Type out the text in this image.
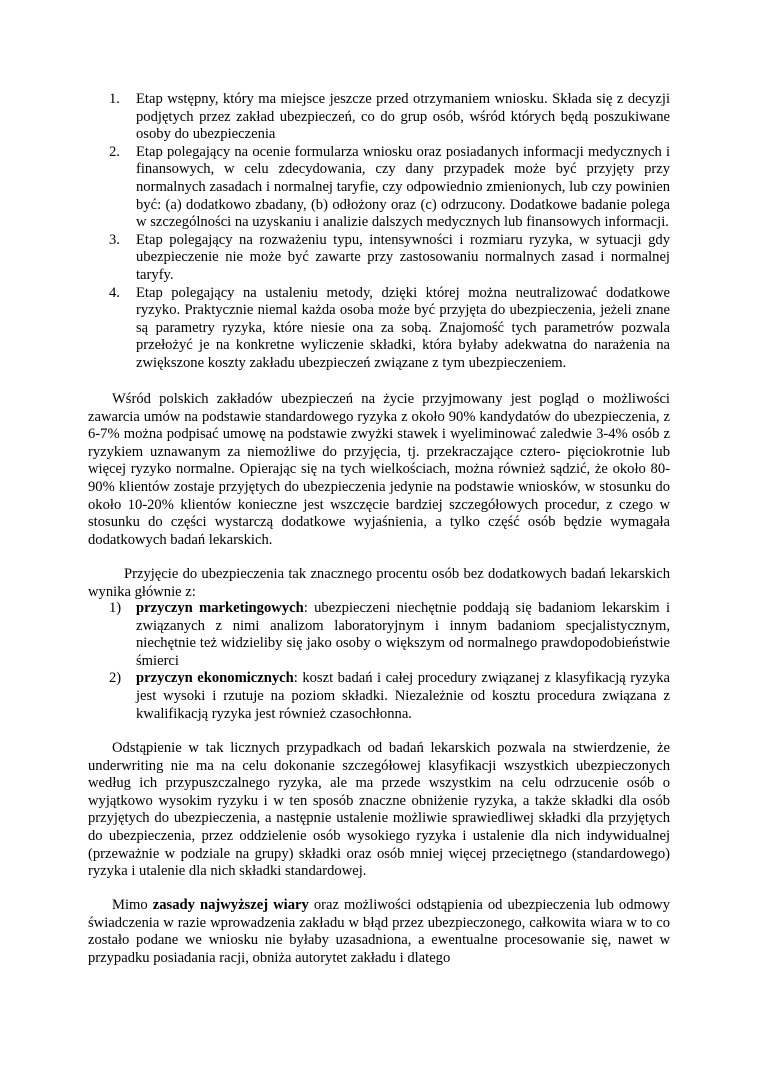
1. Etap wstępny, który ma miejsce jeszcze przed otrzymaniem wniosku. Składa się z decyzji podjętych przez zakład ubezpieczeń, co do grup osób, wśród których będą poszukiwane osoby do ubezpieczenia
2. Etap polegający na ocenie formularza wniosku oraz posiadanych informacji medycznych i finansowych, w celu zdecydowania, czy dany przypadek może być przyjęty przy normalnych zasadach i normalnej taryfie, czy odpowiednio zmienionych, lub czy powinien być: (a) dodatkowo zbadany, (b) odłożony oraz (c) odrzucony. Dodatkowe badanie polega w szczególności na uzyskaniu i analizie dalszych medycznych lub finansowych informacji.
3. Etap polegający na rozważeniu typu, intensywności i rozmiaru ryzyka, w sytuacji gdy ubezpieczenie nie może być zawarte przy zastosowaniu normalnych zasad i normalnej taryfy.
4. Etap polegający na ustaleniu metody, dzięki której można neutralizować dodatkowe ryzyko. Praktycznie niemal każda osoba może być przyjęta do ubezpieczenia, jeżeli znane są parametry ryzyka, które niesie ona za sobą. Znajomość tych parametrów pozwala przełożyć je na konkretne wyliczenie składki, która byłaby adekwatna do narażenia na zwiększone koszty zakładu ubezpieczeń związane z tym ubezpieczeniem.

Wśród polskich zakładów ubezpieczeń na życie przyjmowany jest pogląd o możliwości zawarcia umów na podstawie standardowego ryzyka z około 90% kandydatów do ubezpieczenia, z 6-7% można podpisać umowę na podstawie zwyżki stawek i wyeliminować zaledwie 3-4% osób z ryzykiem uznawanym za niemożliwe do przyjęcia, tj. przekraczające cztero- pięciokrotnie lub więcej ryzyko normalne. Opierając się na tych wielkościach, można również sądzić, że około 80-90% klientów zostaje przyjętych do ubezpieczenia jedynie na podstawie wniosków, w stosunku do około 10-20% klientów konieczne jest wszczęcie bardziej szczegółowych procedur, z czego w stosunku do części wystarczą dodatkowe wyjaśnienia, a tylko część osób będzie wymagała dodatkowych badań lekarskich.

Przyjęcie do ubezpieczenia tak znacznego procentu osób bez dodatkowych badań lekarskich wynika głównie z:

1) przyczyn marketingowych: ubezpieczeni niechętnie poddają się badaniom lekarskim i związanych z nimi analizom laboratoryjnym i innym badaniom specjalistycznym, niechętnie też widzieliby się jako osoby o większym od normalnego prawdopodobieństwie śmierci
2) przyczyn ekonomicznych: koszt badań i całej procedury związanej z klasyfikacją ryzyka jest wysoki i rzutuje na poziom składki. Niezależnie od kosztu procedura związana z kwalifikacją ryzyka jest również czasochłonna.

Odstąpienie w tak licznych przypadkach od badań lekarskich pozwala na stwierdzenie, że underwriting nie ma na celu dokonanie szczegółowej klasyfikacji wszystkich ubezpieczonych według ich przypuszczalnego ryzyka, ale ma przede wszystkim na celu odrzucenie osób o wyjątkowo wysokim ryzyku i w ten sposób znaczne obniżenie ryzyka, a także składki dla osób przyjętych do ubezpieczenia, a następnie ustalenie możliwie sprawiedliwej składki dla przyjętych do ubezpieczenia, przez oddzielenie osób wysokiego ryzyka i ustalenie dla nich indywidualnej (przeważnie w podziale na grupy) składki oraz osób mniej więcej przeciętnego (standardowego) ryzyka i utalenie dla nich składki standardowej.

Mimo zasady najwyższej wiary oraz możliwości odstąpienia od ubezpieczenia lub odmowy świadczenia w razie wprowadzenia zakładu w błąd przez ubezpieczonego, całkowita wiara w to co zostało podane we wniosku nie byłaby uzasadniona, a ewentualne procesowanie się, nawet w przypadku posiadania racji, obniża autorytet zakładu i dlatego
